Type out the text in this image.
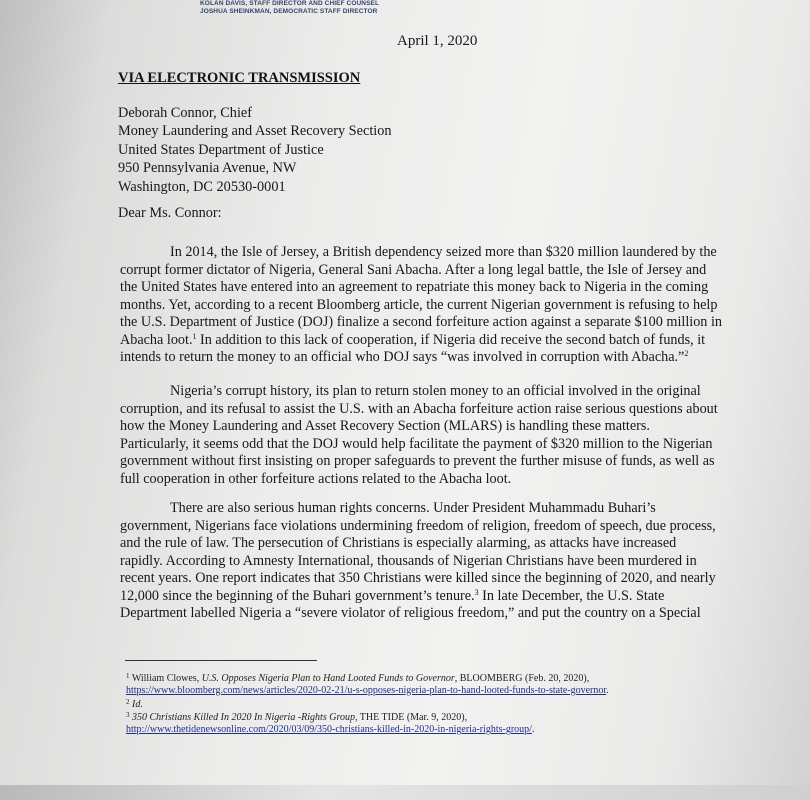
KOLAN DAVIS, STAFF DIRECTOR AND CHIEF COUNSEL
JOSHUA SHEINKMAN, DEMOCRATIC STAFF DIRECTOR
April 1, 2020
VIA ELECTRONIC TRANSMISSION
Deborah Connor, Chief
Money Laundering and Asset Recovery Section
United States Department of Justice
950 Pennsylvania Avenue, NW
Washington, DC 20530-0001
Dear Ms. Connor:
In 2014, the Isle of Jersey, a British dependency seized more than $320 million laundered by the
corrupt former dictator of Nigeria, General Sani Abacha. After a long legal battle, the Isle of Jersey and
the United States have entered into an agreement to repatriate this money back to Nigeria in the coming
months. Yet, according to a recent Bloomberg article, the current Nigerian government is refusing to help
the U.S. Department of Justice (DOJ) finalize a second forfeiture action against a separate $100 million in
Abacha loot.$^1$ In addition to this lack of cooperation, if Nigeria did receive the second batch of funds, it
intends to return the money to an official who DOJ says “was involved in corruption with Abacha.”$^2$
Nigeria’s corrupt history, its plan to return stolen money to an official involved in the original
corruption, and its refusal to assist the U.S. with an Abacha forfeiture action raise serious questions about
how the Money Laundering and Asset Recovery Section (MLARS) is handling these matters.
Particularly, it seems odd that the DOJ would help facilitate the payment of $320 million to the Nigerian
government without first insisting on proper safeguards to prevent the further misuse of funds, as well as
full cooperation in other forfeiture actions related to the Abacha loot.
There are also serious human rights concerns. Under President Muhammadu Buhari’s
government, Nigerians face violations undermining freedom of religion, freedom of speech, due process,
and the rule of law. The persecution of Christians is especially alarming, as attacks have increased
rapidly. According to Amnesty International, thousands of Nigerian Christians have been murdered in
recent years. One report indicates that 350 Christians were killed since the beginning of 2020, and nearly
12,000 since the beginning of the Buhari government’s tenure.$^3$ In late December, the U.S. State
Department labelled Nigeria a “severe violator of religious freedom,” and put the country on a Special
$^1$ William Clowes, U.S. Opposes Nigeria Plan to Hand Looted Funds to Governor, BLOOMBERG (Feb. 20, 2020),
https://www.bloomberg.com/news/articles/2020-02-21/u-s-opposes-nigeria-plan-to-hand-looted-funds-to-state-governor.
$^2$ Id.
$^3$ 350 Christians Killed In 2020 In Nigeria -Rights Group, THE TIDE (Mar. 9, 2020),
http://www.thetidenewsonline.com/2020/03/09/350-christians-killed-in-2020-in-nigeria-rights-group/.
